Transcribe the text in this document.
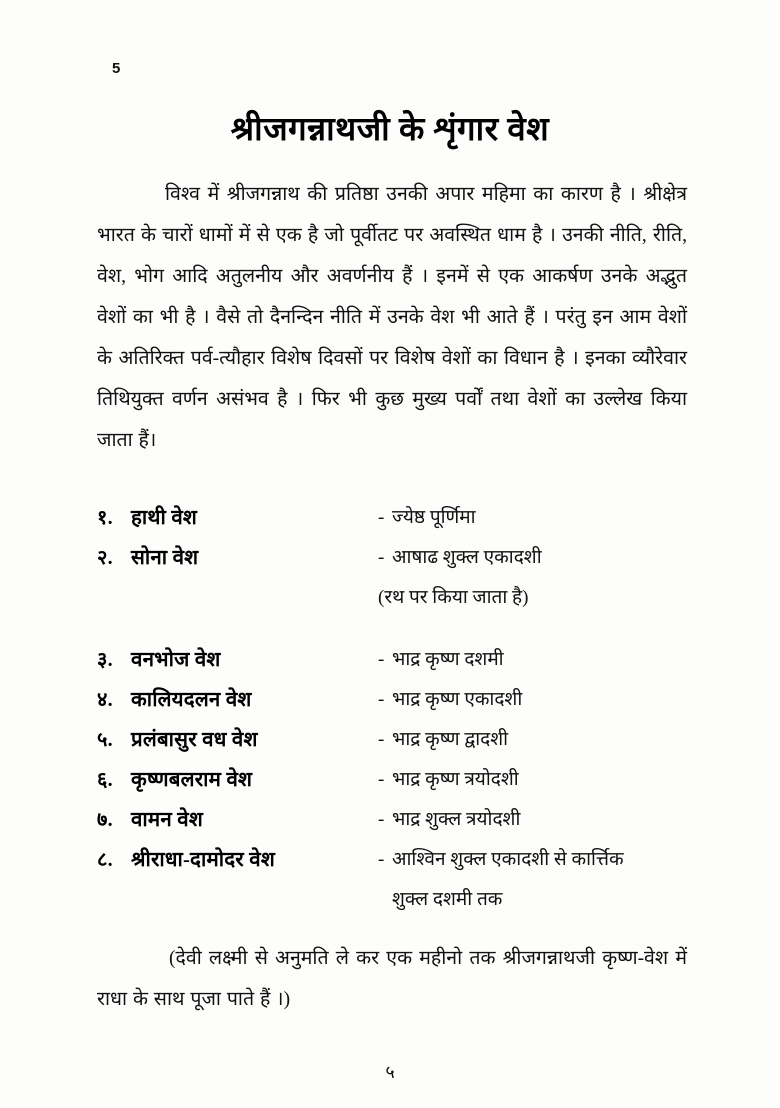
5
श्रीजगन्नाथजी के शृंगार वेश

विश्व में श्रीजगन्नाथ की प्रतिष्ठा उनकी अपार महिमा का कारण है । श्रीक्षेत्र भारत के चारों धामों में से एक है जो पूर्वीतट पर अवस्थित धाम है । उनकी नीति, रीति, वेश, भोग आदि अतुलनीय और अवर्णनीय हैं । इनमें से एक आकर्षण उनके अद्भुत वेशों का भी है । वैसे तो दैनन्दिन नीति में उनके वेश भी आते हैं । परंतु इन आम वेशों के अतिरिक्त पर्व-त्यौहार विशेष दिवसों पर विशेष वेशों का विधान है । इनका व्यौरेवार तिथियुक्त वर्णन असंभव है । फिर भी कुछ मुख्य पर्वों तथा वेशों का उल्लेख किया जाता हैं।

१. हाथी वेश	- ज्येष्ठ पूर्णिमा
२. सोना वेश	- आषाढ शुक्ल एकादशी
(रथ पर किया जाता है)
३. वनभोज वेश	- भाद्र कृष्ण दशमी
४. कालियदलन वेश	- भाद्र कृष्ण एकादशी
५. प्रलंबासुर वध वेश	- भाद्र कृष्ण द्वादशी
६. कृष्णबलराम वेश	- भाद्र कृष्ण त्रयोदशी
७. वामन वेश	- भाद्र शुक्ल त्रयोदशी
८. श्रीराधा-दामोदर वेश	- आश्विन शुक्ल एकादशी से कार्त्तिक
शुक्ल दशमी तक

(देवी लक्ष्मी से अनुमति ले कर एक महीनो तक श्रीजगन्नाथजी कृष्ण-वेश में राधा के साथ पूजा पाते हैं ।)

५
